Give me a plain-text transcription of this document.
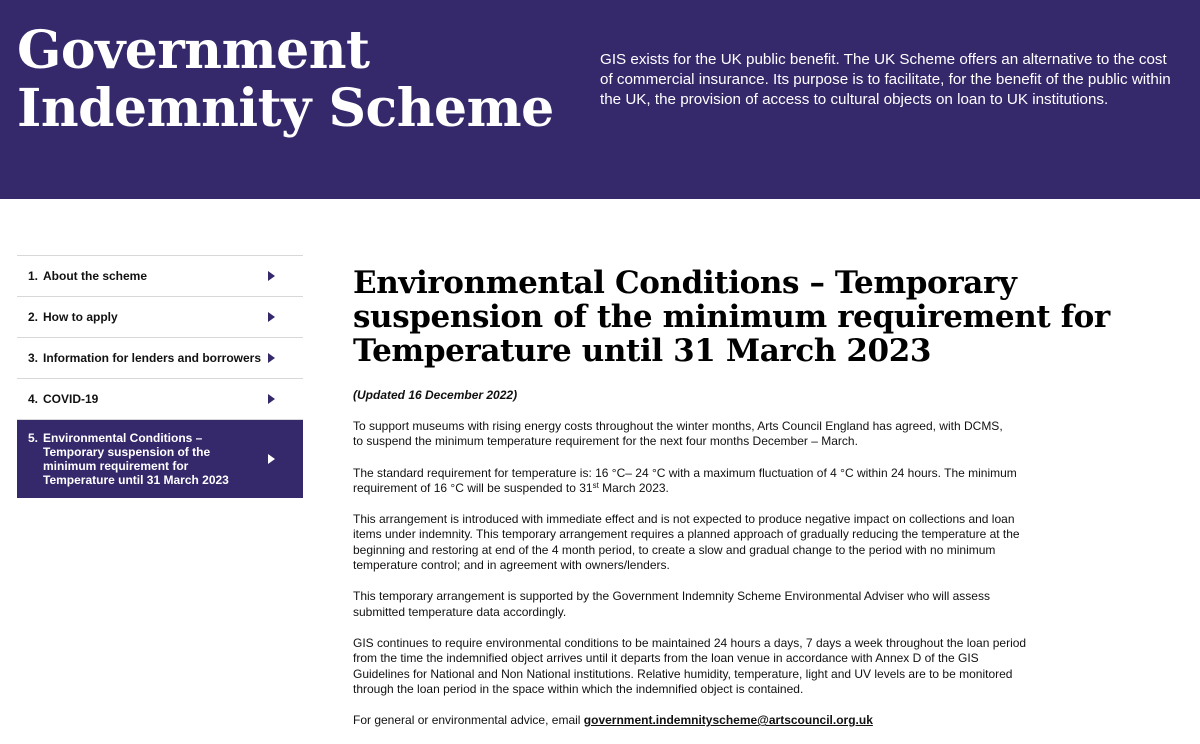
Government
Indemnity Scheme

GIS exists for the UK public benefit. The UK Scheme offers an alternative to the cost of commercial insurance. Its purpose is to facilitate, for the benefit of the public within the UK, the provision of access to cultural objects on loan to UK institutions.

1. About the scheme
2. How to apply
3. Information for lenders and borrowers
4. COVID-19
5. Environmental Conditions – Temporary suspension of the minimum requirement for Temperature until 31 March 2023
Environmental Conditions – Temporary
suspension of the minimum requirement for
Temperature until 31 March 2023

(Updated 16 December 2022)

To support museums with rising energy costs throughout the winter months, Arts Council England has agreed, with DCMS,
to suspend the minimum temperature requirement for the next four months December – March.

The standard requirement for temperature is: 16 °C– 24 °C with a maximum fluctuation of 4 °C within 24 hours. The minimum
requirement of 16 °C will be suspended to 31st March 2023.

This arrangement is introduced with immediate effect and is not expected to produce negative impact on collections and loan
items under indemnity. This temporary arrangement requires a planned approach of gradually reducing the temperature at the
beginning and restoring at end of the 4 month period, to create a slow and gradual change to the period with no minimum
temperature control; and in agreement with owners/lenders.

This temporary arrangement is supported by the Government Indemnity Scheme Environmental Adviser who will assess
submitted temperature data accordingly.

GIS continues to require environmental conditions to be maintained 24 hours a days, 7 days a week throughout the loan period
from the time the indemnified object arrives until it departs from the loan venue in accordance with Annex D of the GIS
Guidelines for National and Non National institutions. Relative humidity, temperature, light and UV levels are to be monitored
through the loan period in the space within which the indemnified object is contained.

For general or environmental advice, email government.indemnityscheme@artscouncil.org.uk
